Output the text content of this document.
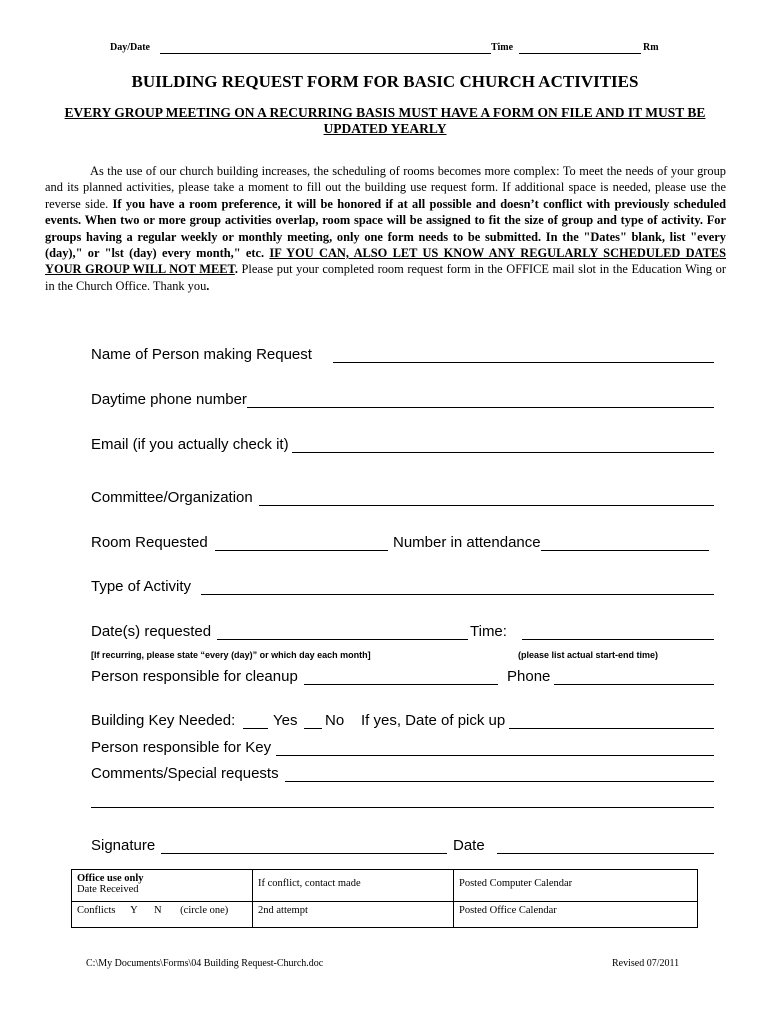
Day/Date	Time	Rm
BUILDING REQUEST FORM FOR BASIC CHURCH ACTIVITIES
EVERY GROUP MEETING ON A RECURRING BASIS MUST HAVE A FORM ON FILE AND IT MUST BE UPDATED YEARLY

As the use of our church building increases, the scheduling of rooms becomes more complex: To meet the needs of your group and its planned activities, please take a moment to fill out the building use request form. If additional space is needed, please use the reverse side. If you have a room preference, it will be honored if at all possible and doesn’t conflict with previously scheduled events. When two or more group activities overlap, room space will be assigned to fit the size of group and type of activity. For groups having a regular weekly or monthly meeting, only one form needs to be submitted. In the "Dates" blank, list "every (day)," or "lst (day) every month," etc. IF YOU CAN, ALSO LET US KNOW ANY REGULARLY SCHEDULED DATES YOUR GROUP WILL NOT MEET. Please put your completed room request form in the OFFICE mail slot in the Education Wing or in the Church Office. Thank you.

Name of Person making Request
Daytime phone number
Email (if you actually check it)
Committee/Organization
Room Requested	Number in attendance
Type of Activity
Date(s) requested	Time:
[If recurring, please state “every (day)” or which day each month]	(please list actual start-end time)
Person responsible for cleanup	Phone
Building Key Needed:	Yes No If yes, Date of pick up
Person responsible for Key
Comments/Special requests
Signature	Date
Office use only
Date Received	If conflict, contact made	Posted Computer Calendar
Conflicts Y N (circle one)	2nd attempt	Posted Office Calendar
C:\My Documents\Forms\04 Building Request-Church.doc	Revised 07/2011
